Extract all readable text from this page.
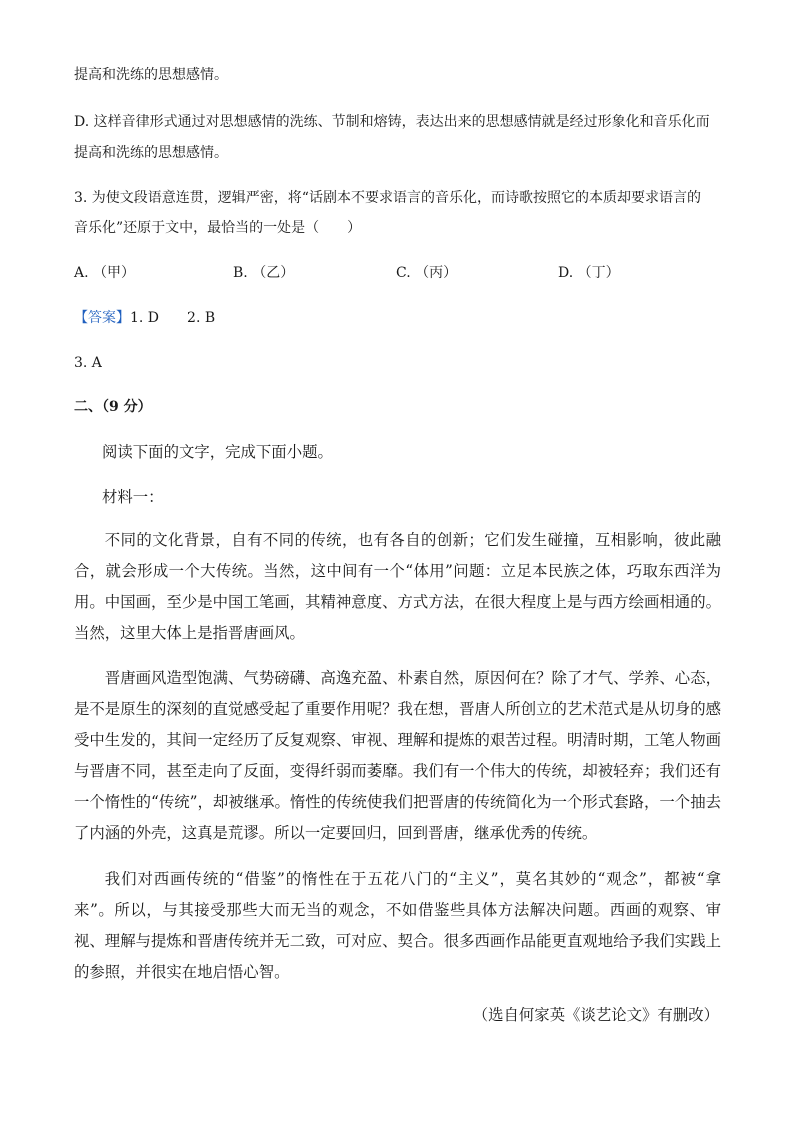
提高和洗练的思想感情。
D. 这样音律形式通过对思想感情的洗练、节制和熔铸，表达出来的思想感情就是经过形象化和音乐化而
提高和洗练的思想感情。
3. 为使文段语意连贯，逻辑严密，将“话剧本不要求语言的音乐化，而诗歌按照它的本质却要求语言的
音乐化”还原于文中，最恰当的一处是（　　）
A. （甲）	B. （乙）	C. （丙）	D. （丁）
【答案】1. D　　2. B
3. A
二、（9 分）
阅读下面的文字，完成下面小题。
材料一：
不同的文化背景，自有不同的传统，也有各自的创新；它们发生碰撞，互相影响，彼此融合，就会形成一个大传统。当然，这中间有一个“体用”问题：立足本民族之体，巧取东西洋为用。中国画，至少是中国工笔画，其精神意度、方式方法，在很大程度上是与西方绘画相通的。当然，这里大体上是指晋唐画风。
晋唐画风造型饱满、气势磅礴、高逸充盈、朴素自然，原因何在？除了才气、学养、心态，是不是原生的深刻的直觉感受起了重要作用呢？我在想，晋唐人所创立的艺术范式是从切身的感受中生发的，其间一定经历了反复观察、审视、理解和提炼的艰苦过程。明清时期，工笔人物画与晋唐不同，甚至走向了反面，变得纤弱而萎靡。我们有一个伟大的传统，却被轻弃；我们还有一个惰性的“传统”，却被继承。惰性的传统使我们把晋唐的传统简化为一个形式套路，一个抽去了内涵的外壳，这真是荒谬。所以一定要回归，回到晋唐，继承优秀的传统。
我们对西画传统的“借鉴”的惰性在于五花八门的“主义”，莫名其妙的“观念”，都被“拿来”。所以，与其接受那些大而无当的观念，不如借鉴些具体方法解决问题。西画的观察、审视、理解与提炼和晋唐传统并无二致，可对应、契合。很多西画作品能更直观地给予我们实践上的参照，并很实在地启悟心智。
（选自何家英《谈艺论文》有删改）
